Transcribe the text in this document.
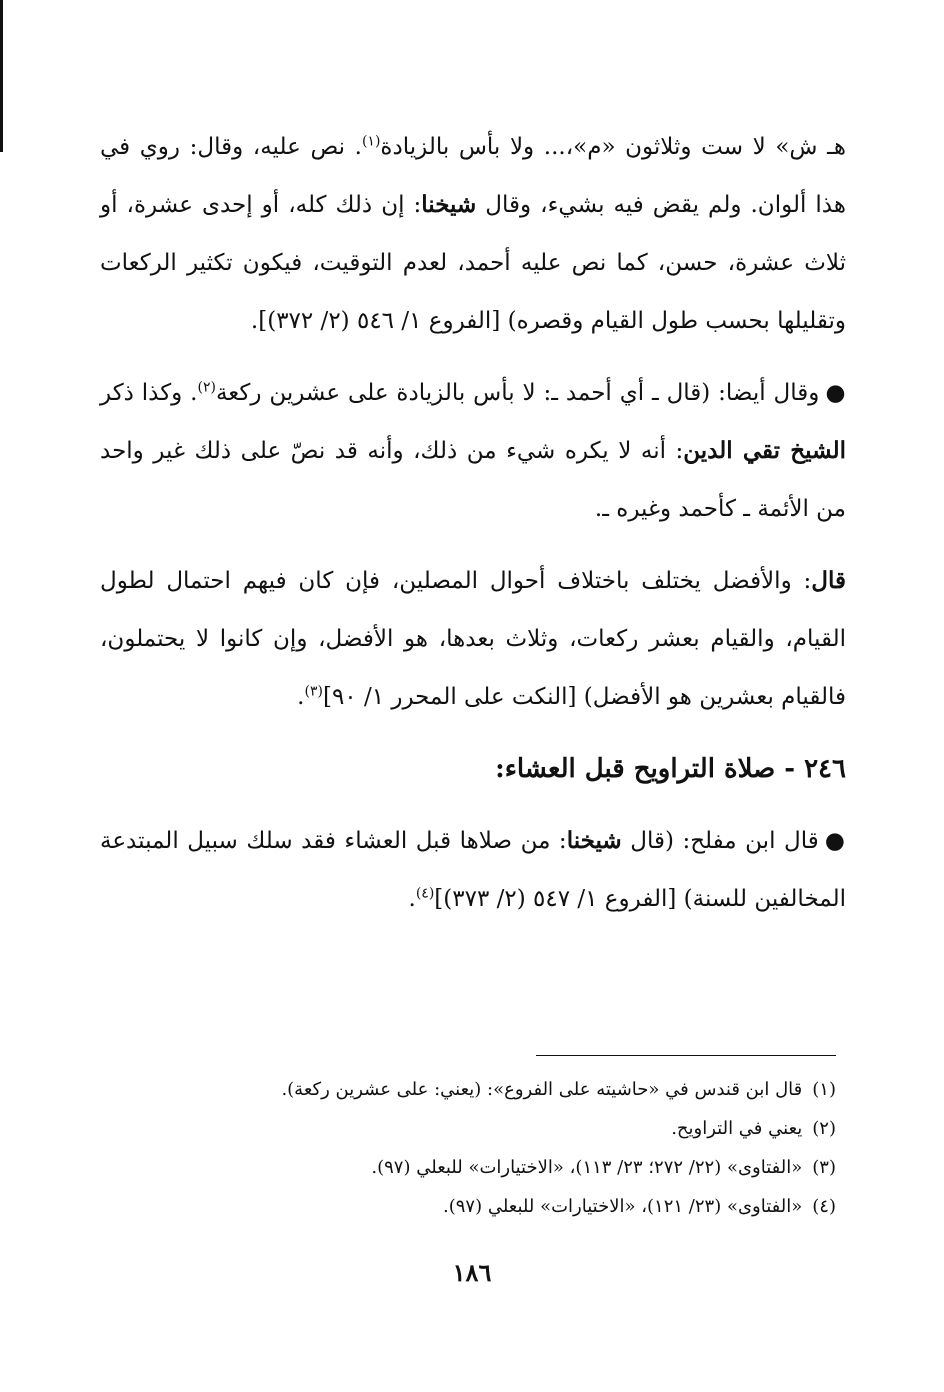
هـ ش» لا ست وثلاثون «م»،... ولا بأس بالزيادة$^{(١)}$. نص عليه، وقال: روي في هذا ألوان. ولم يقض فيه بشيء، وقال شيخنا: إن ذلك كله، أو إحدى عشرة، أو ثلاث عشرة، حسن، كما نص عليه أحمد، لعدم التوقيت، فيكون تكثير الركعات وتقليلها بحسب طول القيام وقصره) [الفروع ١/ ٥٤٦ (٢/ ٣٧٢)].

●وقال أيضا: (قال ـ أي أحمد ـ: لا بأس بالزيادة على عشرين ركعة$^{(٢)}$. وكذا ذكر الشيخ تقي الدين: أنه لا يكره شيء من ذلك، وأنه قد نصّ على ذلك غير واحد من الأئمة ـ كأحمد وغيره ـ.

قال: والأفضل يختلف باختلاف أحوال المصلين، فإن كان فيهم احتمال لطول القيام، والقيام بعشر ركعات، وثلاث بعدها، هو الأفضل، وإن كانوا لا يحتملون، فالقيام بعشرين هو الأفضل) [النكت على المحرر ١/ ٩٠]$^{(٣)}$.

٢٤٦ - صلاة التراويح قبل العشاء:

●قال ابن مفلح: (قال شيخنا: من صلاها قبل العشاء فقد سلك سبيل المبتدعة المخالفين للسنة) [الفروع ١/ ٥٤٧ (٢/ ٣٧٣)]$^{(٤)}$.

(١)قال ابن قندس في «حاشيته على الفروع»: (يعني: على عشرين ركعة).

(٢)يعني في التراويح.

(٣)«الفتاوى» (٢٢/ ٢٧٢؛ ٢٣/ ١١٣)، «الاختيارات» للبعلي (٩٧).

(٤)«الفتاوى» (٢٣/ ١٢١)، «الاختيارات» للبعلي (٩٧).

١٨٦
